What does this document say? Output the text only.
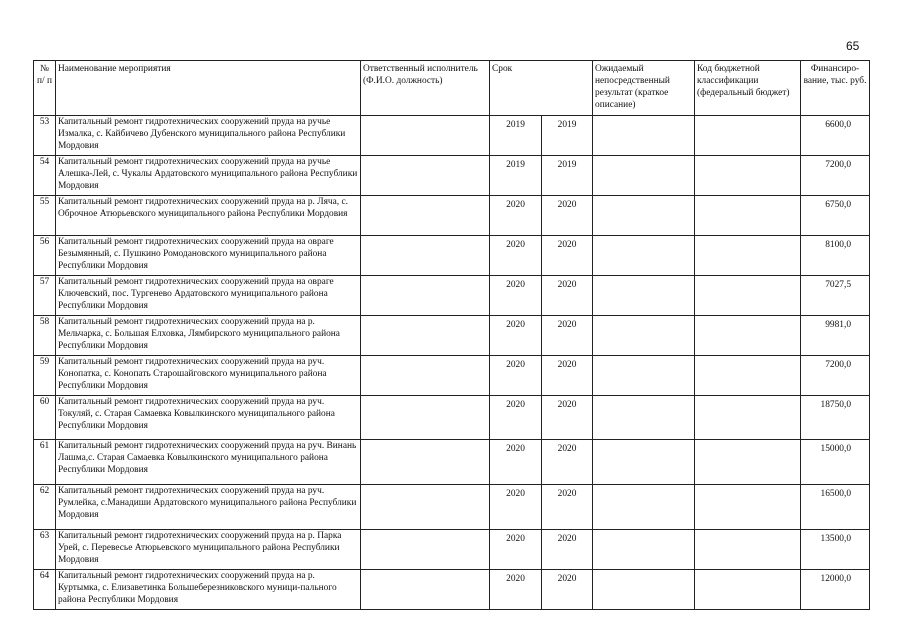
65
№ п/ п	Наименование мероприятия	Ответственный исполнитель (Ф.И.О. должность)	Срок		Ожидаемый непосредственный результат (краткое описание)	Код бюджетной классификации (федеральный бюджет)	Финансиро-вание, тыс. руб.
53	Капитальный ремонт гидротехнических сооружений пруда на ручье Измалка, с. Кайбичево Дубенского муниципального района Республики Мордовия		2019	2019			6600,0
54	Капитальный ремонт гидротехнических сооружений пруда на ручье Алешка-Лей, с. Чукалы Ардатовского муниципального района Республики Мордовия		2019	2019			7200,0
55	Капитальный ремонт гидротехнических сооружений пруда на р. Ляча, с. Оброчное Атюрьевского муниципального района Республики Мордовия		2020	2020			6750,0
56	Капитальный ремонт гидротехнических сооружений пруда на овраге Безымянный, с. Пушкино Ромодановского муниципального района Республики Мордовия		2020	2020			8100,0
57	Капитальный ремонт гидротехнических сооружений пруда на овраге Ключевский, пос. Тургенево Ардатовского муниципального района Республики Мордовия		2020	2020			7027,5
58	Капитальный ремонт гидротехнических сооружений пруда на р. Мельчарка, с. Большая Елховка, Лямбирского муниципального района Республики Мордовия		2020	2020			9981,0
59	Капитальный ремонт гидротехнических сооружений пруда на руч. Конопатка, с. Конопать Старошайговского муниципального района Республики Мордовия		2020	2020			7200,0
60	Капитальный ремонт гидротехнических сооружений пруда на руч. Токуляй, с. Старая Самаевка Ковылкинского муниципального района Республики Мордовия		2020	2020			18750,0
61	Капитальный ремонт гидротехнических сооружений пруда на руч. Винань Лашма,с. Старая Самаевка Ковылкинского муниципального района Республики Мордовия		2020	2020			15000,0
62	Капитальный ремонт гидротехнических сооружений пруда на руч. Румлейка, с.Манадиши Ардатовского муниципального района Республики Мордовия		2020	2020			16500,0
63	Капитальный ремонт гидротехнических сооружений пруда на р. Парка Урей, с. Перевесье Атюрьевского муниципального района Республики Мордовия		2020	2020			13500,0
64	Капитальный ремонт гидротехнических сооружений пруда на р. Куртымка, с. Елизаветинка Большеберезниковского муници-пального района Республики Мордовия		2020	2020			12000,0
